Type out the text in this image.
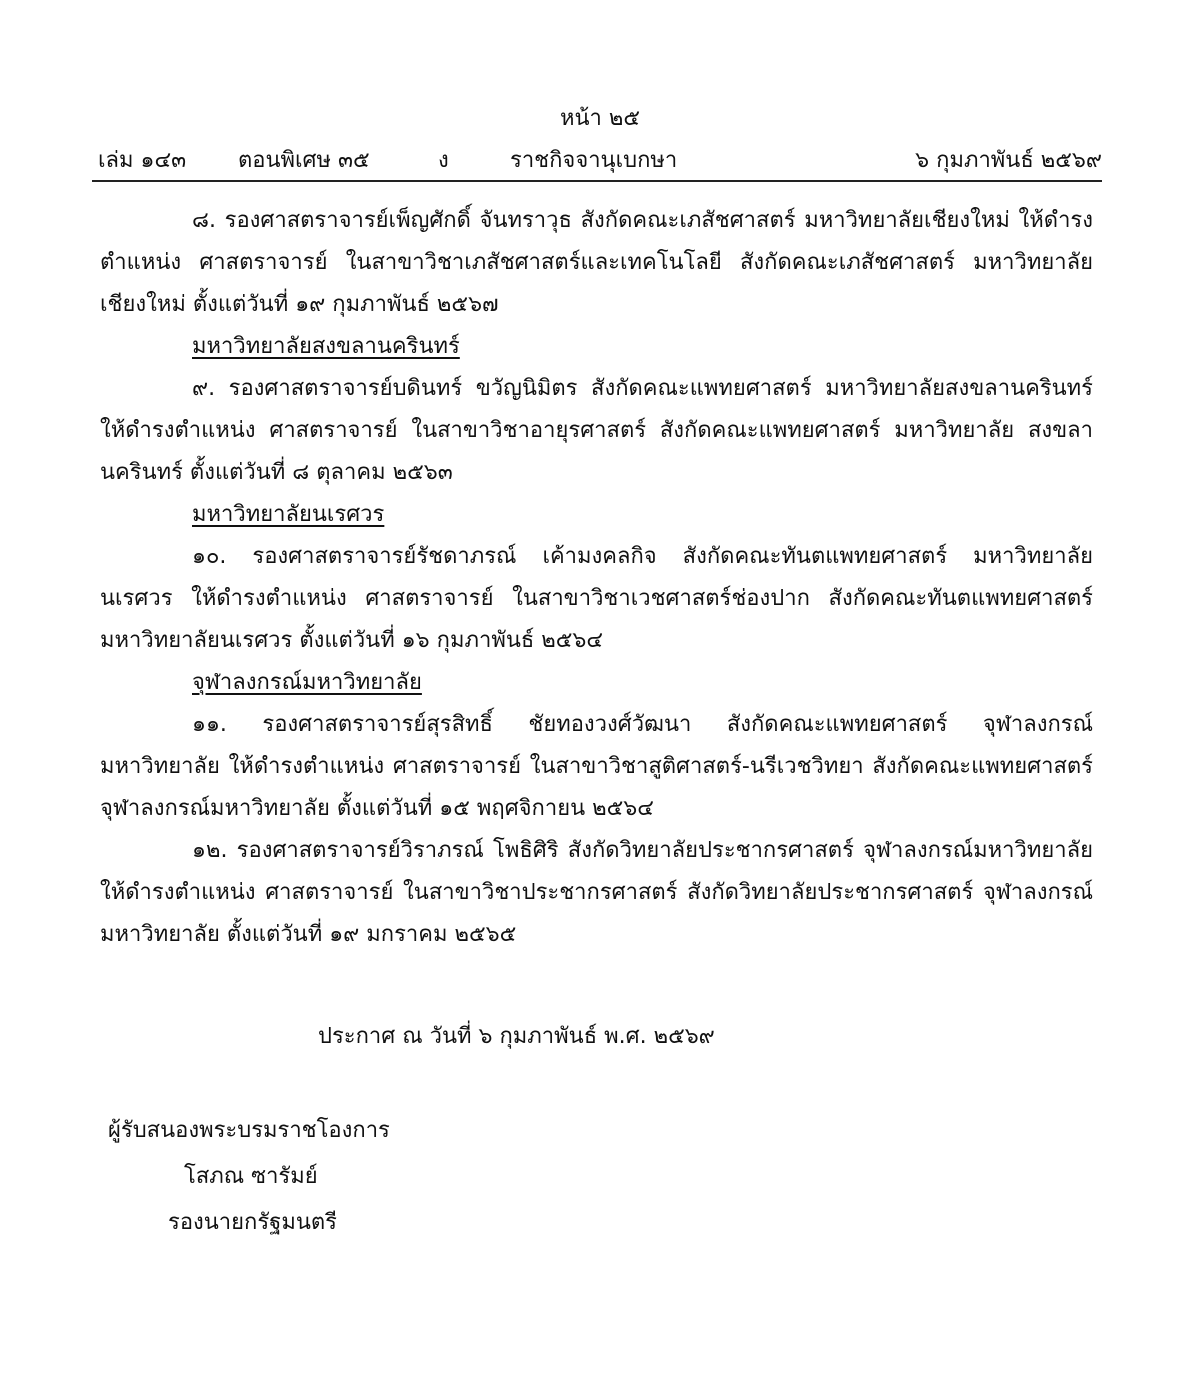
หน้า ๒๕
เล่ม ๑๔๓ ตอนพิเศษ ๓๕	ง	ราชกิจจานุเบกษา	๖ กุมภาพันธ์ ๒๕๖๙

๘. รองศาสตราจารย์เพ็ญศักดิ์ จันทราวุธ สังกัดคณะเภสัชศาสตร์ มหาวิทยาลัยเชียงใหม่ ให้ดำรงตำแหน่ง ศาสตราจารย์ ในสาขาวิชาเภสัชศาสตร์และเทคโนโลยี สังกัดคณะเภสัชศาสตร์ มหาวิทยาลัยเชียงใหม่ ตั้งแต่วันที่ ๑๙ กุมภาพันธ์ ๒๕๖๗

มหาวิทยาลัยสงขลานครินทร์

๙. รองศาสตราจารย์บดินทร์ ขวัญนิมิตร สังกัดคณะแพทยศาสตร์ มหาวิทยาลัยสงขลานครินทร์ ให้ดำรงตำแหน่ง ศาสตราจารย์ ในสาขาวิชาอายุรศาสตร์ สังกัดคณะแพทยศาสตร์ มหาวิทยาลัย สงขลานครินทร์ ตั้งแต่วันที่ ๘ ตุลาคม ๒๕๖๓

มหาวิทยาลัยนเรศวร

๑๐. รองศาสตราจารย์รัชดาภรณ์ เค้ามงคลกิจ สังกัดคณะทันตแพทยศาสตร์ มหาวิทยาลัย นเรศวร ให้ดำรงตำแหน่ง ศาสตราจารย์ ในสาขาวิชาเวชศาสตร์ช่องปาก สังกัดคณะทันตแพทยศาสตร์ มหาวิทยาลัยนเรศวร ตั้งแต่วันที่ ๑๖ กุมภาพันธ์ ๒๕๖๔

จุฬาลงกรณ์มหาวิทยาลัย

๑๑. รองศาสตราจารย์สุรสิทธิ์ ชัยทองวงศ์วัฒนา สังกัดคณะแพทยศาสตร์ จุฬาลงกรณ์ มหาวิทยาลัย ให้ดำรงตำแหน่ง ศาสตราจารย์ ในสาขาวิชาสูติศาสตร์-นรีเวชวิทยา สังกัดคณะแพทยศาสตร์ จุฬาลงกรณ์มหาวิทยาลัย ตั้งแต่วันที่ ๑๕ พฤศจิกายน ๒๕๖๔

๑๒. รองศาสตราจารย์วิราภรณ์ โพธิศิริ สังกัดวิทยาลัยประชากรศาสตร์ จุฬาลงกรณ์มหาวิทยาลัย ให้ดำรงตำแหน่ง ศาสตราจารย์ ในสาขาวิชาประชากรศาสตร์ สังกัดวิทยาลัยประชากรศาสตร์ จุฬาลงกรณ์มหาวิทยาลัย ตั้งแต่วันที่ ๑๙ มกราคม ๒๕๖๕

ประกาศ ณ วันที่ ๖ กุมภาพันธ์ พ.ศ. ๒๕๖๙
ผู้รับสนองพระบรมราชโองการ
โสภณ ซารัมย์
รองนายกรัฐมนตรี
